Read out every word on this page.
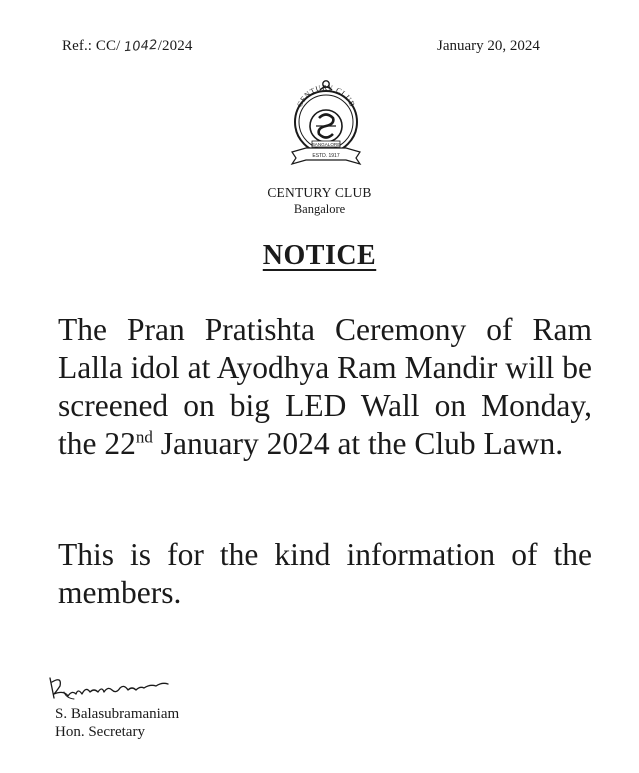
Ref.: CC/ 1042/2024	January 20, 2024
CENTURY CLUB
BANGALORE
ESTD. 1917
CENTURY CLUB
Bangalore
NOTICE
The Pran Pratishta Ceremony of Ram Lalla idol at Ayodhya Ram Mandir will be screened on big LED Wall on Monday, the 22nd January 2024 at the Club Lawn.
This is for the kind information of the members.
S. Balasubramaniam
Hon. Secretary
